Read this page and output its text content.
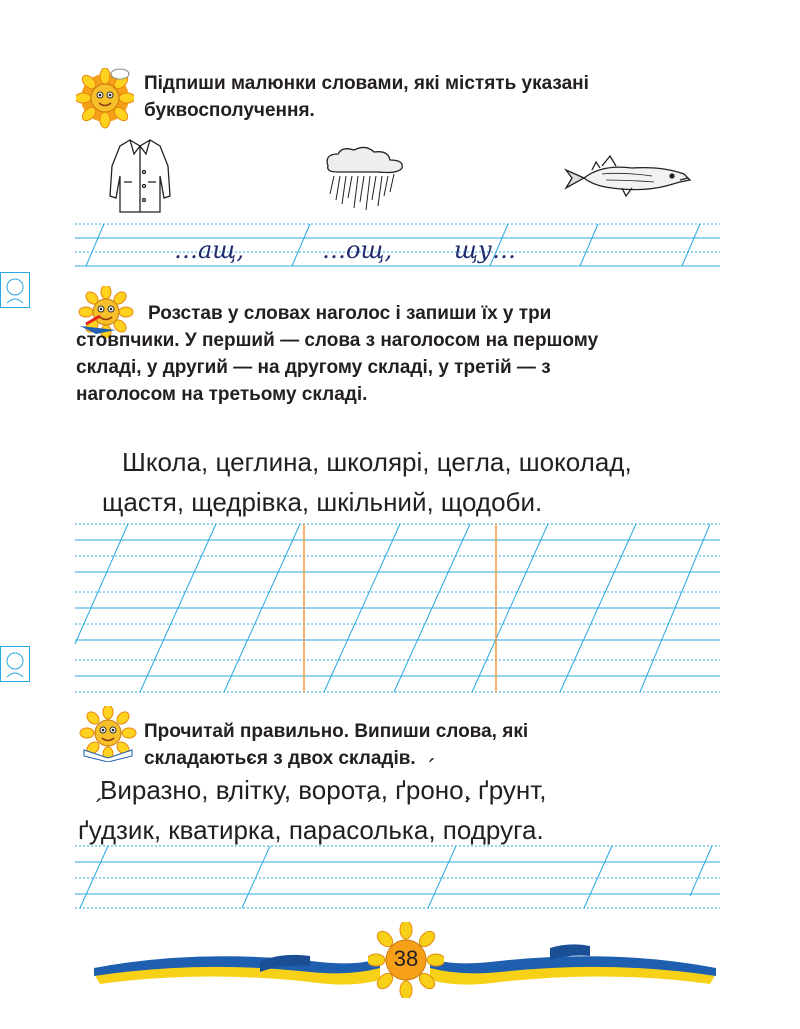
Підпиши малюнки словами, які містять указані
буквосполучення.
…ащ,	…ощ,	щу…
Розстав у словах наголос і запиши їх у три
стовпчики. У перший — слова з наголосом на першому
складі, у другий — на другому складі, у третій — з
наголосом на третьому складі.
Школа, цеглина, школярі, цегла, шоколад,
щастя, щедрівка, шкільний, щодоби.
Прочитай правильно. Випиши слова, які
складаються з двох складів.
Вир´ азно, вл´ ітку, вор´ ота, ґр´ оно, ґрунт,
ґ´ удзик, кват´ ирка, парас´ олька, п´ одруга.
38
